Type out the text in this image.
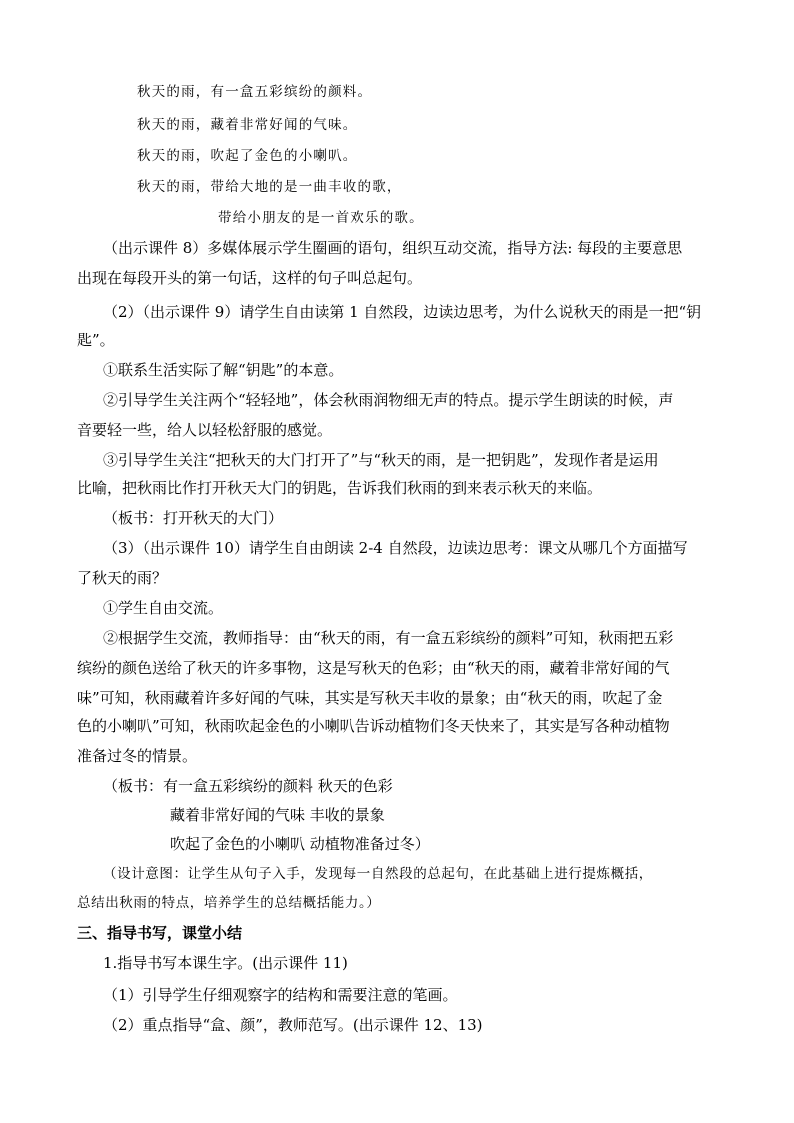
秋天的雨，有一盒五彩缤纷的颜料。
秋天的雨，藏着非常好闻的气味。
秋天的雨，吹起了金色的小喇叭。
秋天的雨，带给大地的是一曲丰收的歌，
带给小朋友的是一首欢乐的歌。
（出示课件 8）多媒体展示学生圈画的语句，组织互动交流，指导方法: 每段的主要意思
出现在每段开头的第一句话，这样的句子叫总起句。
（2）（出示课件 9）请学生自由读第 1 自然段，边读边思考，为什么说秋天的雨是一把“钥
匙”。
①联系生活实际了解“钥匙”的本意。
②引导学生关注两个“轻轻地”，体会秋雨润物细无声的特点。提示学生朗读的时候，声
音要轻一些，给人以轻松舒服的感觉。
③引导学生关注“把秋天的大门打开了”与“秋天的雨，是一把钥匙”，发现作者是运用
比喻，把秋雨比作打开秋天大门的钥匙，告诉我们秋雨的到来表示秋天的来临。
（板书：打开秋天的大门）
（3）（出示课件 10）请学生自由朗读 2-4 自然段，边读边思考：课文从哪几个方面描写
了秋天的雨？
①学生自由交流。
②根据学生交流，教师指导：由“秋天的雨，有一盒五彩缤纷的颜料”可知，秋雨把五彩
缤纷的颜色送给了秋天的许多事物，这是写秋天的色彩；由“秋天的雨，藏着非常好闻的气
味”可知，秋雨藏着许多好闻的气味，其实是写秋天丰收的景象；由“秋天的雨，吹起了金
色的小喇叭”可知，秋雨吹起金色的小喇叭告诉动植物们冬天快来了，其实是写各种动植物
准备过冬的情景。
（板书：有一盒五彩缤纷的颜料 秋天的色彩
藏着非常好闻的气味 丰收的景象
吹起了金色的小喇叭 动植物准备过冬）
（设计意图：让学生从句子入手，发现每一自然段的总起句，在此基础上进行提炼概括，
总结出秋雨的特点，培养学生的总结概括能力。）
三、指导书写，课堂小结
1.指导书写本课生字。(出示课件 11)
（1）引导学生仔细观察字的结构和需要注意的笔画。
（2）重点指导“盒、颜”，教师范写。(出示课件 12、13)
